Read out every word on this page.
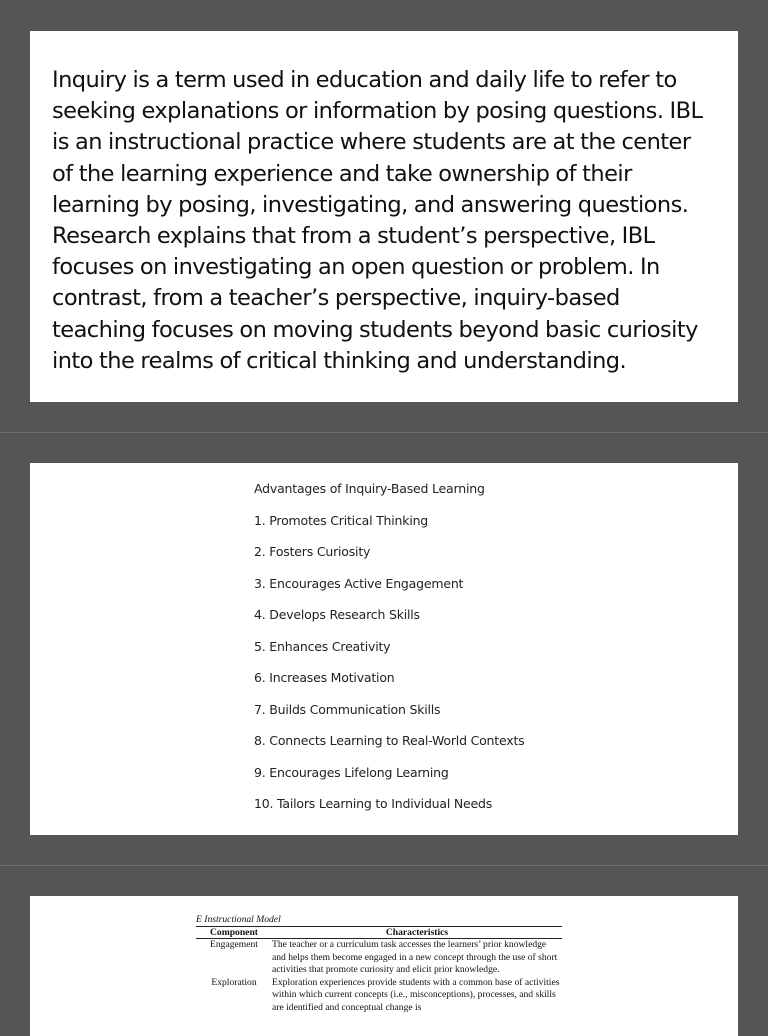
Inquiry is a term used in education and daily life to refer to seeking explanations or information by posing questions. IBL is an instructional practice where students are at the center of the learning experience and take ownership of their learning by posing, investigating, and answering questions. Research explains that from a student’s perspective, IBL focuses on investigating an open question or problem. In contrast, from a teacher’s perspective, inquiry-based teaching focuses on moving students beyond basic curiosity into the realms of critical thinking and understanding.

Advantages of Inquiry-Based Learning
1. Promotes Critical Thinking
2. Fosters Curiosity
3. Encourages Active Engagement
4. Develops Research Skills
5. Enhances Creativity
6. Increases Motivation
7. Builds Communication Skills
8. Connects Learning to Real-World Contexts
9. Encourages Lifelong Learning
10. Tailors Learning to Individual Needs
E Instructional Model
Component	Characteristics
Engagement	The teacher or a curriculum task accesses the learners’ prior knowledge and helps them become engaged in a new concept through the use of short activities that promote curiosity and elicit prior knowledge.
Exploration	Exploration experiences provide students with a common base of activities within which current concepts (i.e., misconceptions), processes, and skills are identified and conceptual change is
